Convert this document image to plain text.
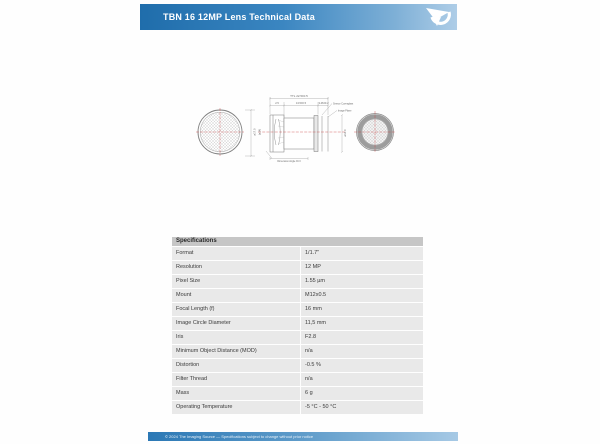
TBN 16 12MP Lens Technical Data
TTL 22.5±0.5
2.5	13.5±0.5	3.46±0.2 Sensor Coverglass
Image Plane
ø17.0 (ø14)	ø14.0
Dimension Angle ±0.3
Specifications
Format	1/1.7"
Resolution	12 MP
Pixel Size	1.55 µm
Mount	M12x0.5
Focal Length (f)	16 mm
Image Circle Diameter	11,5 mm
Iris	F2.8
Minimum Object Distance (MOD)	n/a
Distortion	-0.5 %
Filter Thread	n/a
Mass	6 g
Operating Temperature	-5 °C - 50 °C
© 2024 The Imaging Source — Specifications subject to change without prior notice
